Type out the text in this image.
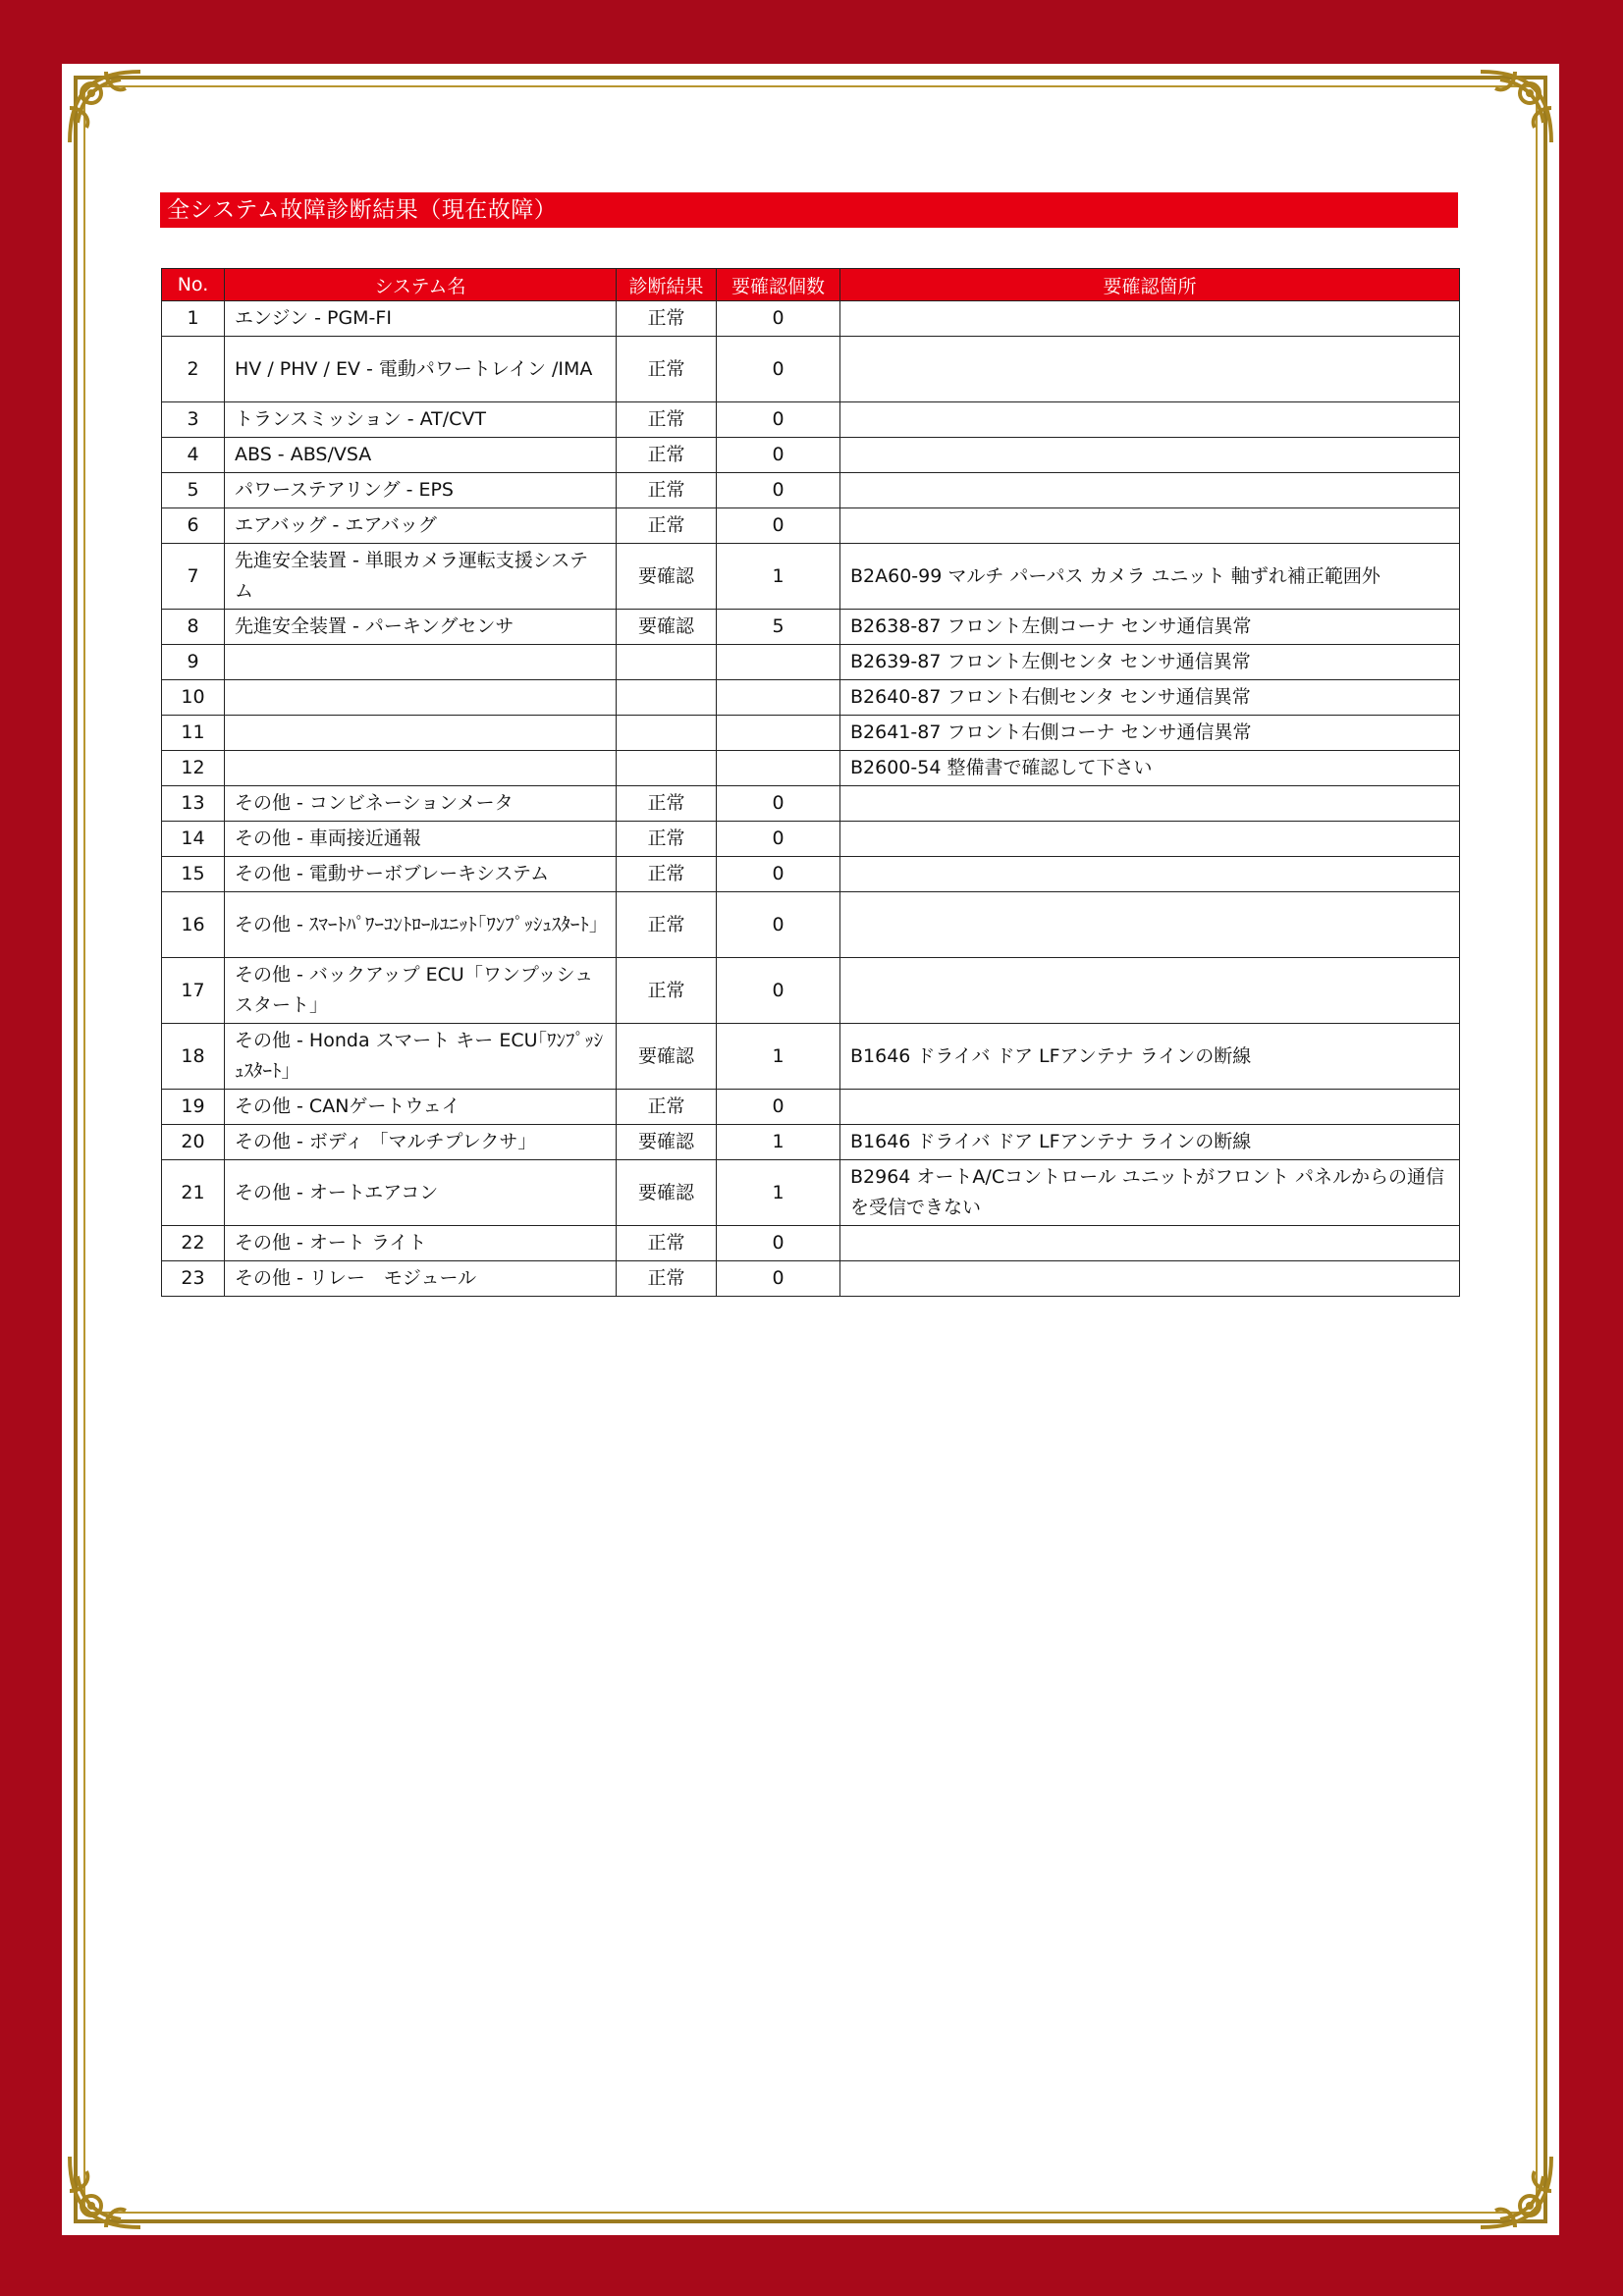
全システム故障診断結果（現在故障）
No.	システム名	診断結果	要確認個数	要確認箇所
1	エンジン - PGM-FI	正常	0	
2	HV / PHV / EV - 電動パワートレイン /IMA	正常	0	
3	トランスミッション - AT/CVT	正常	0	
4	ABS - ABS/VSA	正常	0	
5	パワーステアリング - EPS	正常	0	
6	エアバッグ - エアバッグ	正常	0	
7	先進安全装置 - 単眼カメラ運転支援システム	要確認	1	B2A60-99 マルチ パーパス カメラ ユニット 軸ずれ補正範囲外
8	先進安全装置 - パーキングセンサ	要確認	5	B2638-87 フロント左側コーナ センサ通信異常
9				B2639-87 フロント左側センタ センサ通信異常
10				B2640-87 フロント右側センタ センサ通信異常
11				B2641-87 フロント右側コーナ センサ通信異常
12				B2600-54 整備書で確認して下さい
13	その他 - コンビネーションメータ	正常	0	
14	その他 - 車両接近通報	正常	0	
15	その他 - 電動サーボブレーキシステム	正常	0	
16	その他 - ｽﾏｰﾄﾊﾟﾜｰｺﾝﾄﾛｰﾙﾕﾆｯﾄ｢ﾜﾝﾌﾟｯｼｭｽﾀｰﾄ｣	正常	0	
17	その他 - バックアップ ECU「ワンプッシュスタート」	正常	0	
18	その他 - Honda スマート キー ECU｢ﾜﾝﾌﾟｯｼｭｽﾀｰﾄ｣	要確認	1	B1646 ドライバ ドア LFアンテナ ラインの断線
19	その他 - CANゲートウェイ	正常	0	
20	その他 - ボディ 「マルチプレクサ」	要確認	1	B1646 ドライバ ドア LFアンテナ ラインの断線
21	その他 - オートエアコン	要確認	1	B2964 オートA/Cコントロール ユニットがフロント パネルからの通信を受信できない
22	その他 - オート ライト	正常	0	
23	その他 - リレー　モジュール	正常	0	
